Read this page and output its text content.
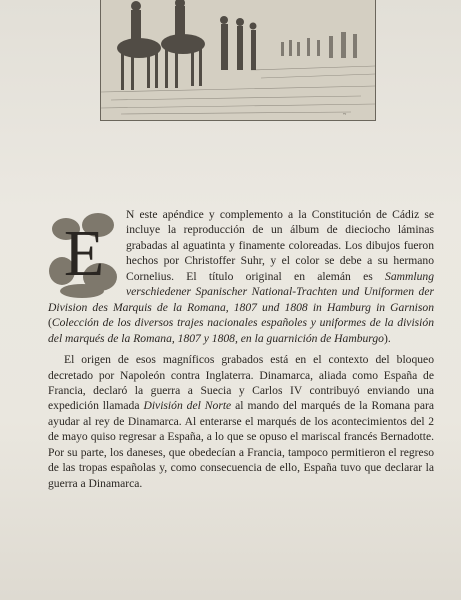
~
E

N este apéndice y complemento a la Constitución de Cádiz se incluye la reproducción de un álbum de dieciocho láminas grabadas al aguatinta y finamente coloreadas. Los dibujos fueron hechos por Christoffer Suhr, y el color se debe a su hermano Cornelius. El título original en alemán es Sammlung verschiedener Spanischer National-Trachten und Uniformen der Division des Marquis de la Romana, 1807 und 1808 in Hamburg in Garnison (Colección de los diversos trajes nacionales españoles y uniformes de la división del marqués de la Romana, 1807 y 1808, en la guarnición de Hamburgo).

El origen de esos magníficos grabados está en el contexto del bloqueo decretado por Napoleón contra Inglaterra. Dinamarca, aliada como España de Francia, declaró la guerra a Suecia y Carlos IV contribuyó enviando una expedición llamada División del Norte al mando del marqués de la Romana para ayudar al rey de Dinamarca. Al enterarse el marqués de los acontecimientos del 2 de mayo quiso regresar a España, a lo que se opuso el mariscal francés Bernadotte. Por su parte, los daneses, que obedecían a Francia, tampoco permitieron el regreso de las tropas españolas y, como consecuencia de ello, España tuvo que declarar la guerra a Dinamarca.
